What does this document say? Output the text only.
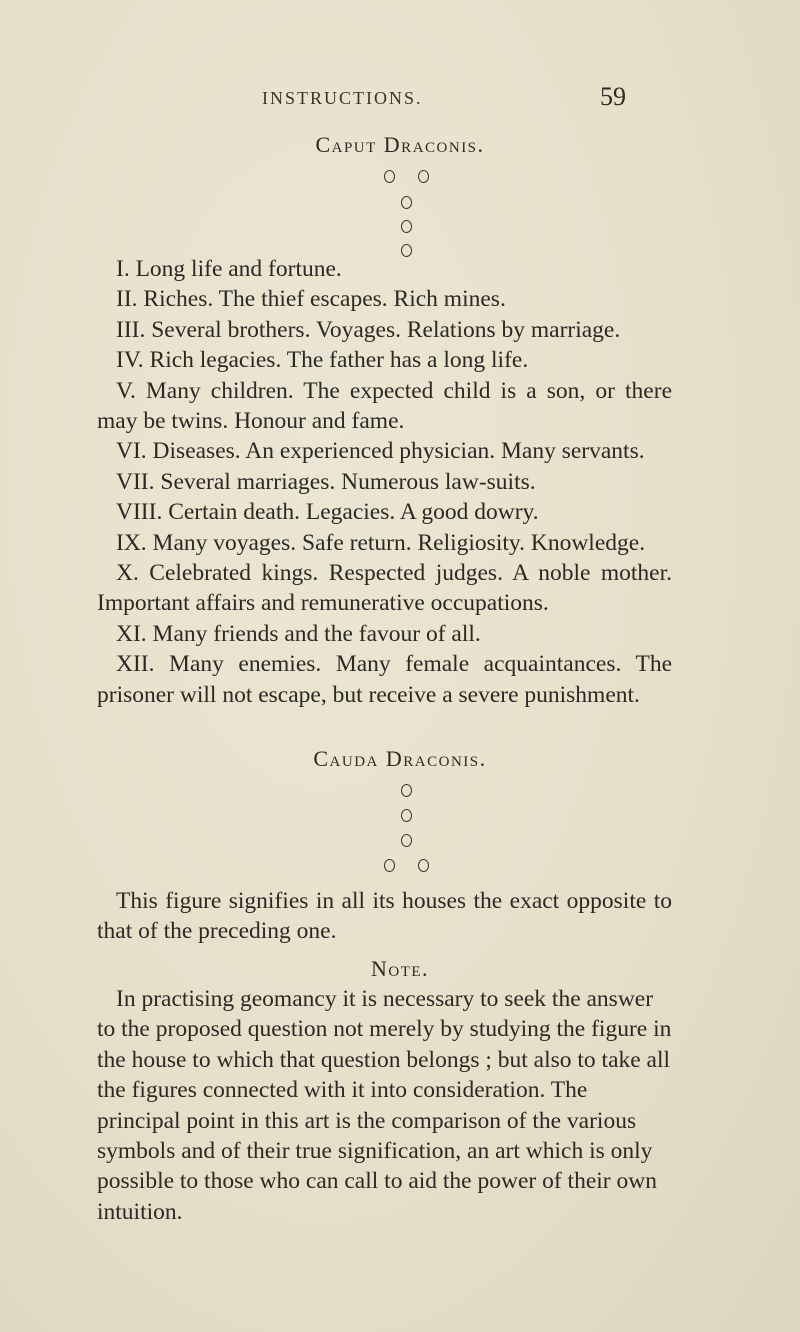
INSTRUCTIONS.	59
Caput Draconis.

I. Long life and fortune.

II. Riches. The thief escapes. Rich mines.

III. Several brothers. Voyages. Relations by marriage.

IV. Rich legacies. The father has a long life.

V. Many children. The expected child is a son, or there may be twins. Honour and fame.

VI. Diseases. An experienced physician. Many servants.

VII. Several marriages. Numerous law-suits.

VIII. Certain death. Legacies. A good dowry.

IX. Many voyages. Safe return. Religiosity. Knowledge.

X. Celebrated kings. Respected judges. A noble mother. Important affairs and remunerative occupations.

XI. Many friends and the favour of all.

XII. Many enemies. Many female acquaintances. The prisoner will not escape, but receive a severe punishment.

Cauda Draconis.

This figure signifies in all its houses the exact opposite to that of the preceding one.

Note.

In practising geomancy it is necessary to seek the answer to the proposed question not merely by studying the figure in the house to which that question belongs ; but also to take all the figures connected with it into consideration. The principal point in this art is the comparison of the various symbols and of their true signification, an art which is only possible to those who can call to aid the power of their own intuition.
